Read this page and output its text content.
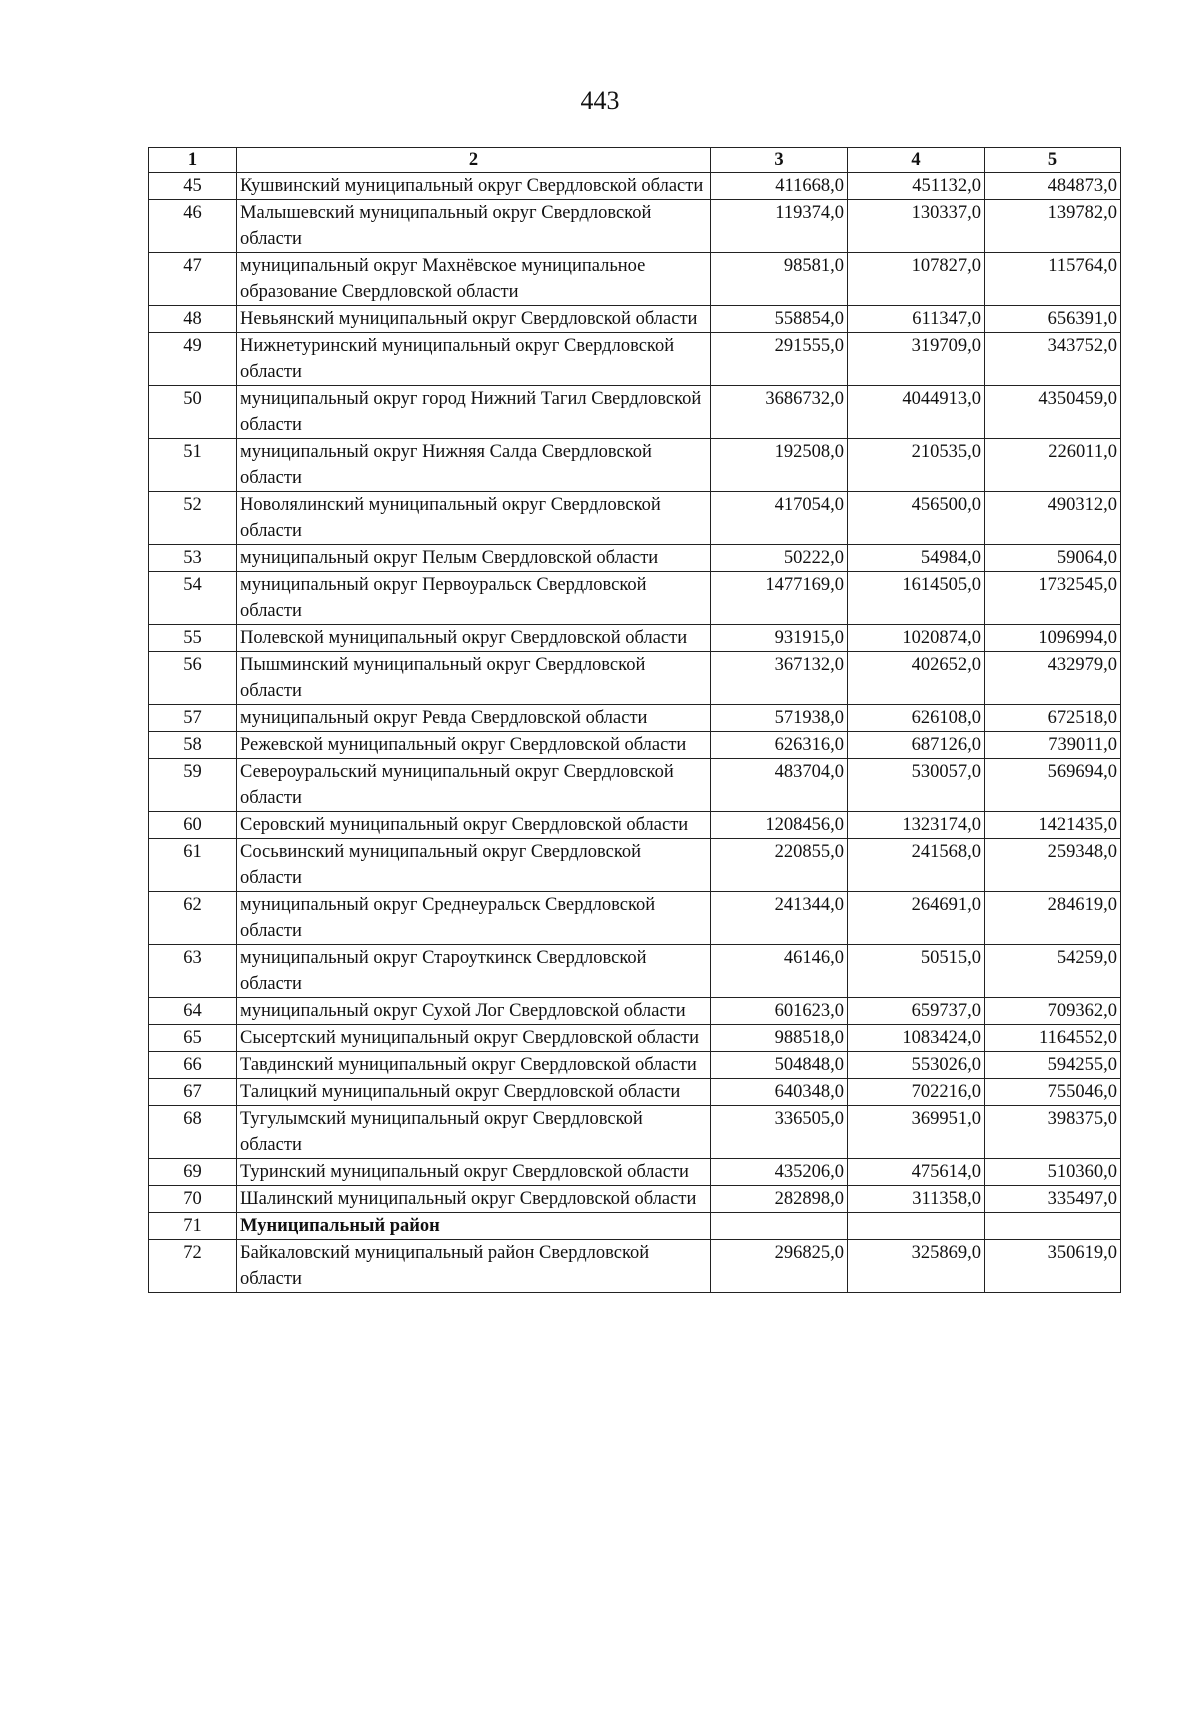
443
1	2	3	4	5
45	Кушвинский муниципальный округ Свердловской области	411668,0	451132,0	484873,0
46	Малышевский муниципальный округ Свердловской области	119374,0	130337,0	139782,0
47	муниципальный округ Махнёвское муниципальное образование Свердловской области	98581,0	107827,0	115764,0
48	Невьянский муниципальный округ Свердловской области	558854,0	611347,0	656391,0
49	Нижнетуринский муниципальный округ Свердловской области	291555,0	319709,0	343752,0
50	муниципальный округ город Нижний Тагил Свердловской области	3686732,0	4044913,0	4350459,0
51	муниципальный округ Нижняя Салда Свердловской области	192508,0	210535,0	226011,0
52	Новолялинский муниципальный округ Свердловской области	417054,0	456500,0	490312,0
53	муниципальный округ Пелым Свердловской области	50222,0	54984,0	59064,0
54	муниципальный округ Первоуральск Свердловской области	1477169,0	1614505,0	1732545,0
55	Полевской муниципальный округ Свердловской области	931915,0	1020874,0	1096994,0
56	Пышминский муниципальный округ Свердловской области	367132,0	402652,0	432979,0
57	муниципальный округ Ревда Свердловской области	571938,0	626108,0	672518,0
58	Режевской муниципальный округ Свердловской области	626316,0	687126,0	739011,0
59	Североуральский муниципальный округ Свердловской области	483704,0	530057,0	569694,0
60	Серовский муниципальный округ Свердловской области	1208456,0	1323174,0	1421435,0
61	Сосьвинский муниципальный округ Свердловской области	220855,0	241568,0	259348,0
62	муниципальный округ Среднеуральск Свердловской области	241344,0	264691,0	284619,0
63	муниципальный округ Староуткинск Свердловской области	46146,0	50515,0	54259,0
64	муниципальный округ Сухой Лог Свердловской области	601623,0	659737,0	709362,0
65	Сысертский муниципальный округ Свердловской области	988518,0	1083424,0	1164552,0
66	Тавдинский муниципальный округ Свердловской области	504848,0	553026,0	594255,0
67	Талицкий муниципальный округ Свердловской области	640348,0	702216,0	755046,0
68	Тугулымский муниципальный округ Свердловской области	336505,0	369951,0	398375,0
69	Туринский муниципальный округ Свердловской области	435206,0	475614,0	510360,0
70	Шалинский муниципальный округ Свердловской области	282898,0	311358,0	335497,0
71	Муниципальный район			
72	Байкаловский муниципальный район Свердловской области	296825,0	325869,0	350619,0
